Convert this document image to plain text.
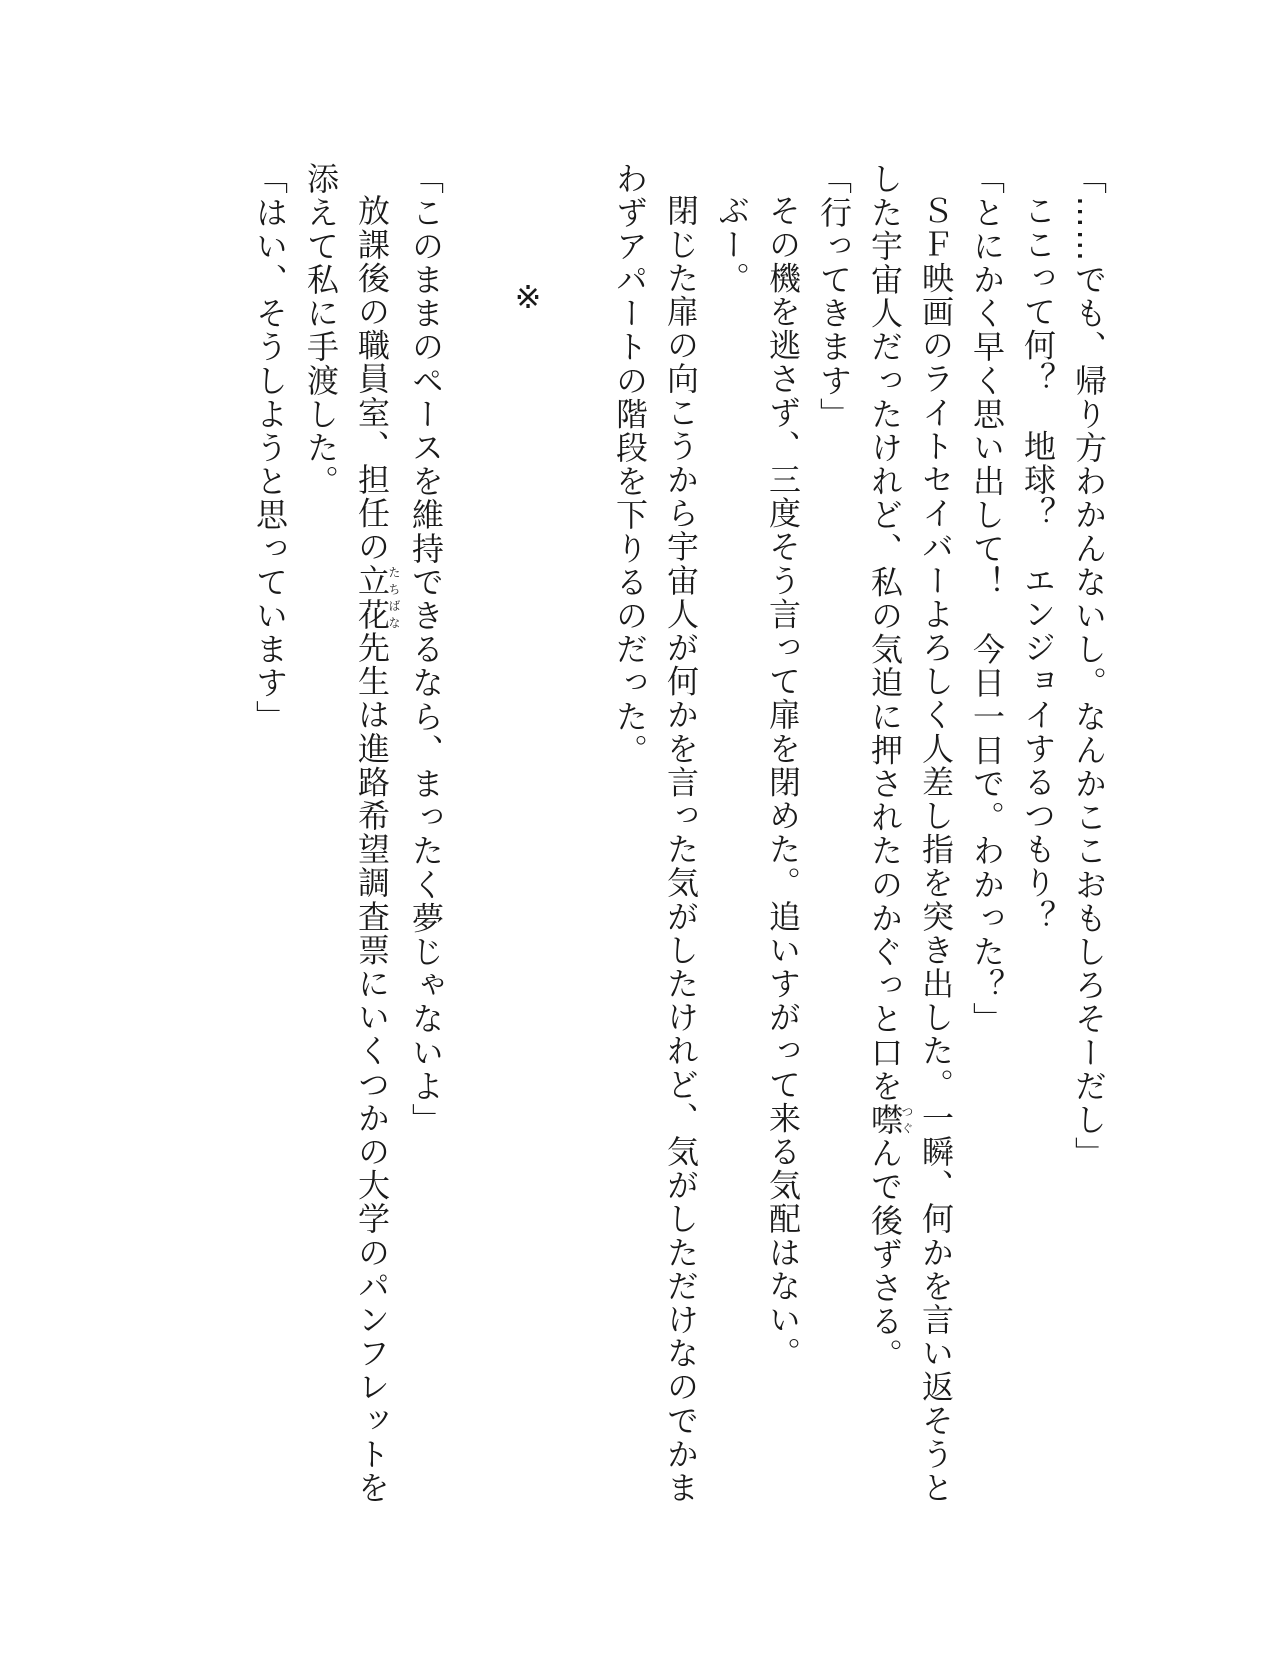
「……でも、帰り方わかんないし。なんかここおもしろそーだし」

ここって何？　地球？　エンジョイするつもり？

「とにかく早く思い出して！　今日一日で。わかった？」

ＳＦ映画のライトセイバーよろしく人差し指を突き出した。一瞬、何かを言い返そうとした宇宙人だったけれど、私の気迫に押されたのかぐっと口を噤つぐんで後ずさる。

「行ってきます」

その機を逃さず、三度そう言って扉を閉めた。追いすがって来る気配はない。

ぶー。

閉じた扉の向こうから宇宙人が何かを言った気がしたけれど、気がしただけなのでかまわずアパートの階段を下りるのだった。

※

「このままのペースを維持できるなら、まったく夢じゃないよ」

放課後の職員室、担任の立花たちばな先生は進路希望調査票にいくつかの大学のパンフレットを添えて私に手渡した。

「はい、そうしようと思っています」
